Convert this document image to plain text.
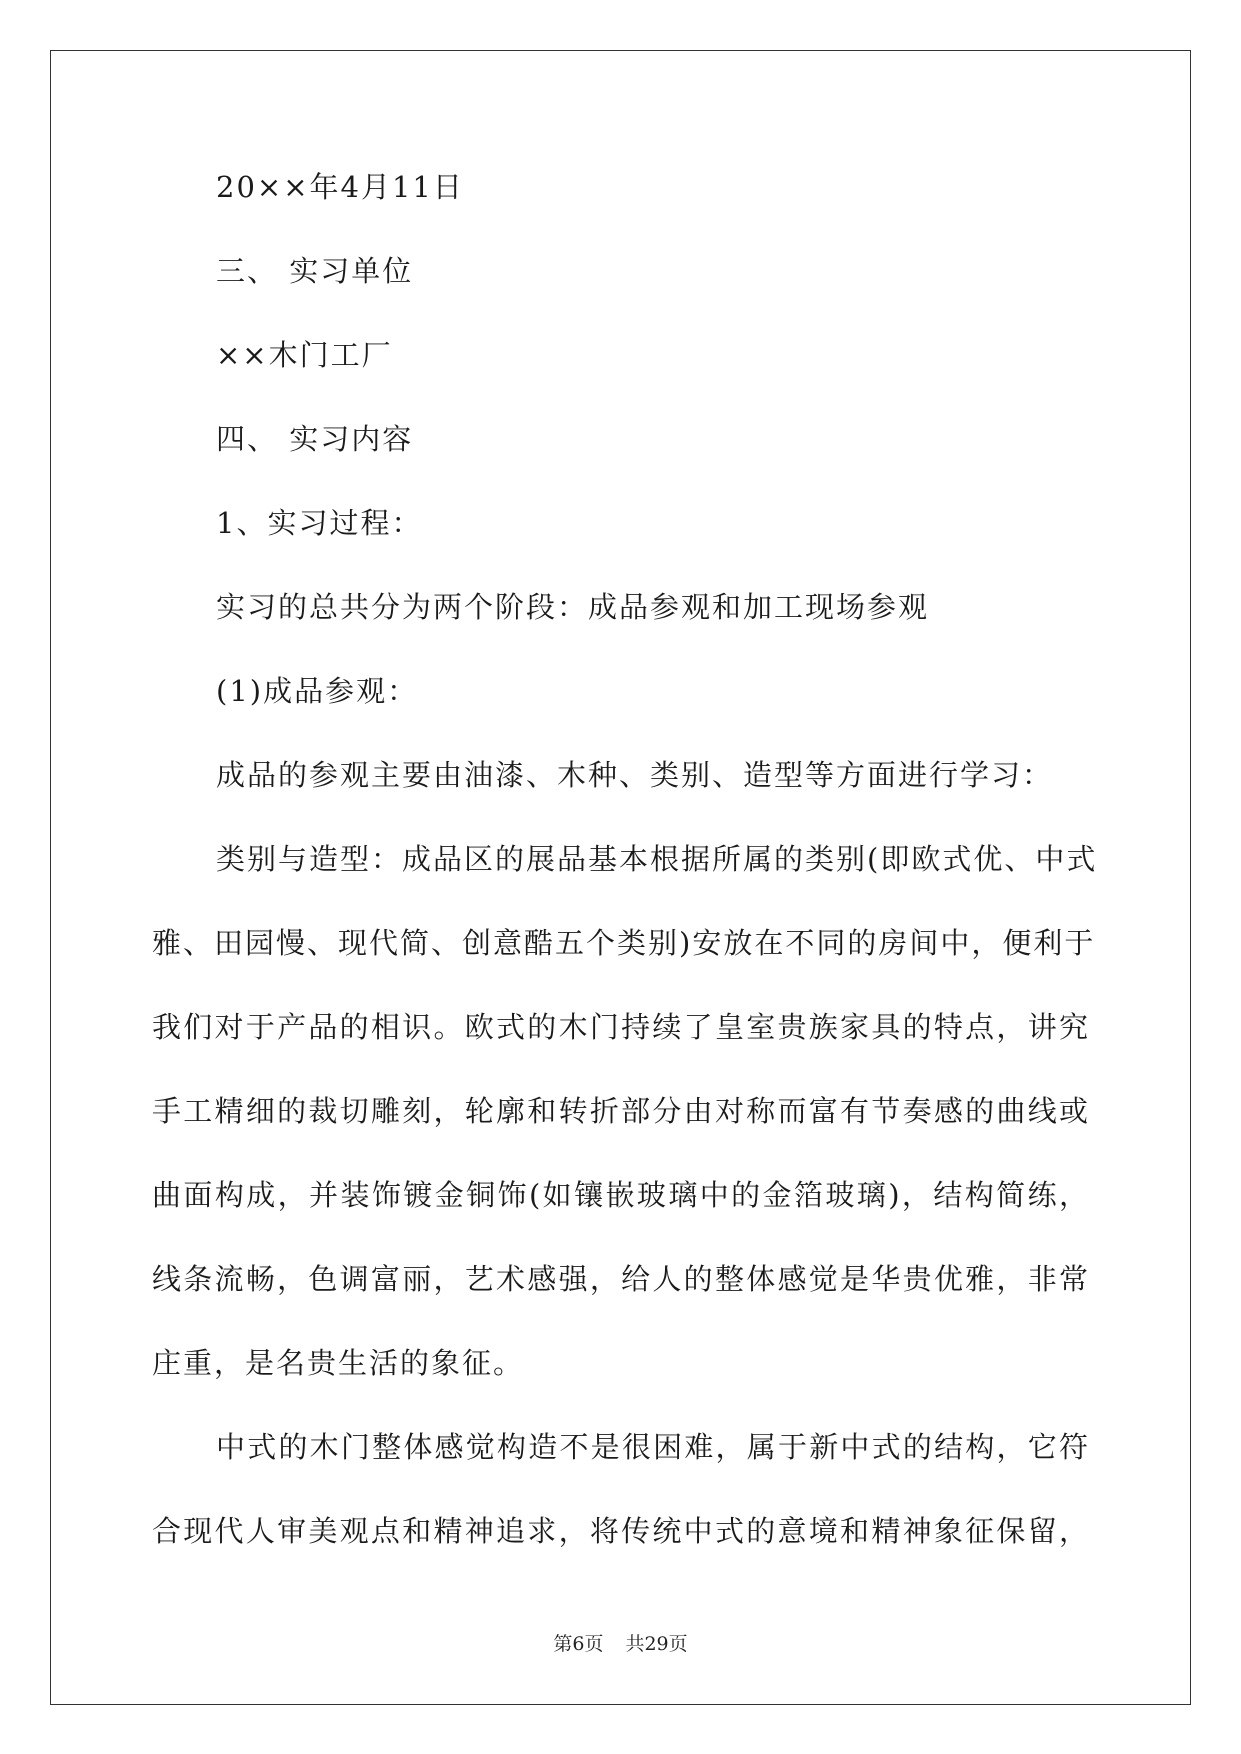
20××年4月11日
三、 实习单位
××木门工厂
四、 实习内容
1、实习过程：
实习的总共分为两个阶段：成品参观和加工现场参观
(1)成品参观：
成品的参观主要由油漆、木种、类别、造型等方面进行学习：
类别与造型：成品区的展品基本根据所属的类别(即欧式优、中式
雅、田园慢、现代简、创意酷五个类别)安放在不同的房间中，便利于
我们对于产品的相识。欧式的木门持续了皇室贵族家具的特点，讲究
手工精细的裁切雕刻，轮廓和转折部分由对称而富有节奏感的曲线或
曲面构成，并装饰镀金铜饰(如镶嵌玻璃中的金箔玻璃)，结构简练，
线条流畅，色调富丽，艺术感强，给人的整体感觉是华贵优雅，非常
庄重，是名贵生活的象征。
中式的木门整体感觉构造不是很困难，属于新中式的结构，它符
合现代人审美观点和精神追求，将传统中式的意境和精神象征保留，
第6页 共29页
